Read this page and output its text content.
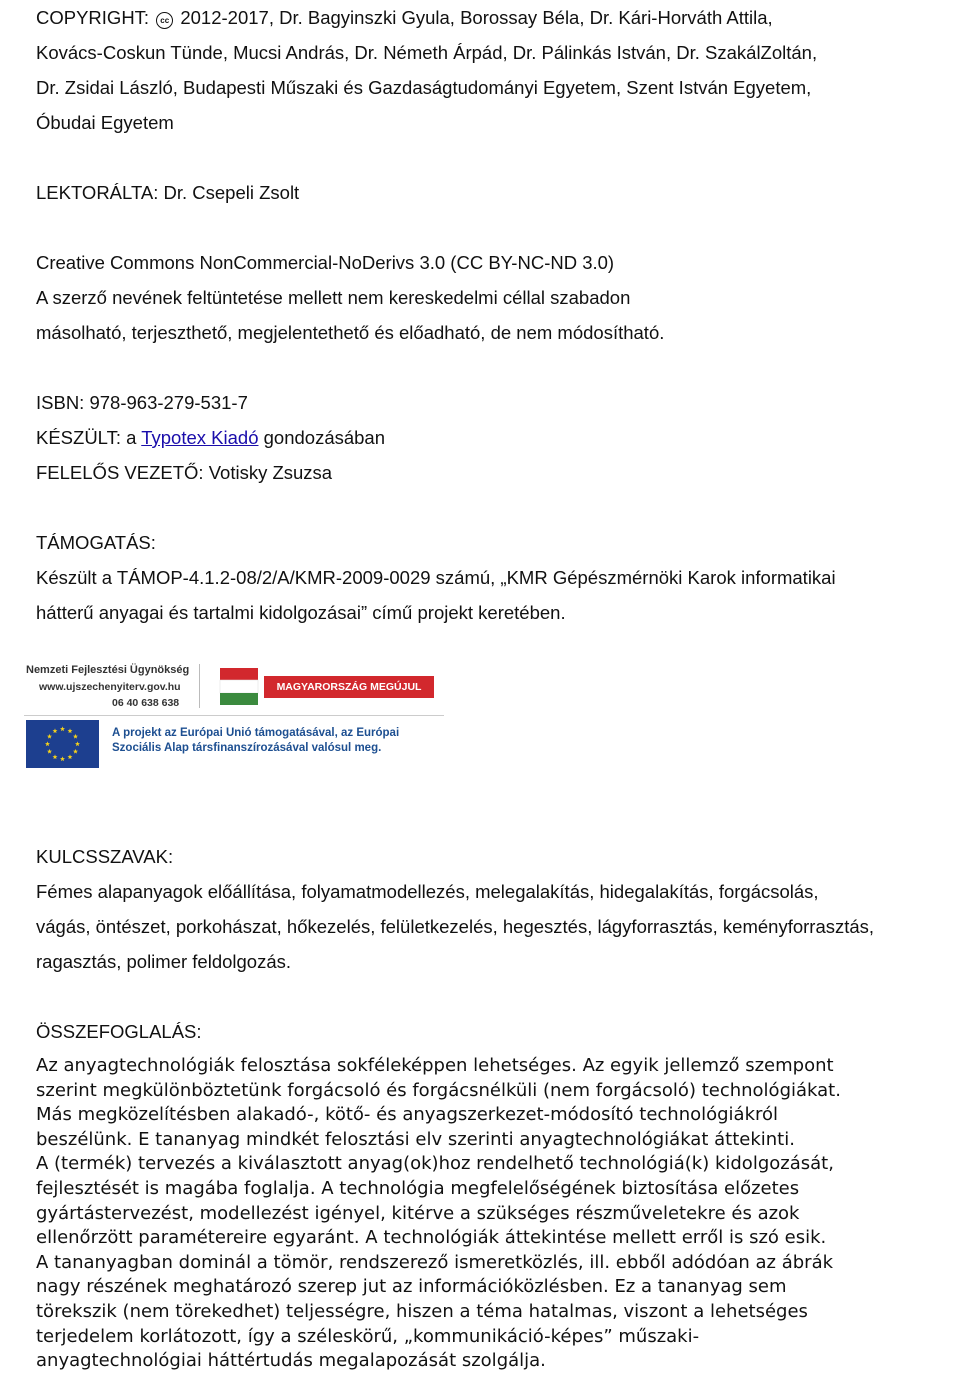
COPYRIGHT: cc 2012-2017, Dr. Bagyinszki Gyula, Borossay Béla, Dr. Kári-Horváth Attila,
Kovács-Coskun Tünde, Mucsi András, Dr. Németh Árpád, Dr. Pálinkás István, Dr. SzakálZoltán,
Dr. Zsidai László, Budapesti Műszaki és Gazdaságtudományi Egyetem, Szent István Egyetem,
Óbudai Egyetem
LEKTORÁLTA: Dr. Csepeli Zsolt
Creative Commons NonCommercial-NoDerivs 3.0 (CC BY-NC-ND 3.0)
A szerző nevének feltüntetése mellett nem kereskedelmi céllal szabadon
másolható, terjeszthető, megjelentethető és előadható, de nem módosítható.
ISBN: 978-963-279-531-7
KÉSZÜLT: a Typotex Kiadó gondozásában
FELELŐS VEZETŐ: Votisky Zsuzsa
TÁMOGATÁS:
Készült a TÁMOP-4.1.2-08/2/A/KMR-2009-0029 számú, „KMR Gépészmérnöki Karok informatikai
hátterű anyagai és tartalmi kidolgozásai” című projekt keretében.
Nemzeti Fejlesztési Ügynökség
www.ujszechenyiterv.gov.hu
06 40 638 638
MAGYARORSZÁG MEGÚJUL
A projekt az Európai Unió támogatásával, az Európai
Szociális Alap társfinanszírozásával valósul meg.
KULCSSZAVAK:
Fémes alapanyagok előállítása, folyamatmodellezés, melegalakítás, hidegalakítás, forgácsolás,
vágás, öntészet, porkohászat, hőkezelés, felületkezelés, hegesztés, lágyforrasztás, keményforrasztás,
ragasztás, polimer feldolgozás.
ÖSSZEFOGLALÁS:
Az anyagtechnológiák felosztása sokféleképpen lehetséges. Az egyik jellemző szempont
szerint megkülönböztetünk forgácsoló és forgácsnélküli (nem forgácsoló) technológiákat.
Más megközelítésben alakadó-, kötő- és anyagszerkezet-módosító technológiákról
beszélünk. E tananyag mindkét felosztási elv szerinti anyagtechnológiákat áttekinti.
A (termék) tervezés a kiválasztott anyag(ok)hoz rendelhető technológiá(k) kidolgozását,
fejlesztését is magába foglalja. A technológia megfelelőségének biztosítása előzetes
gyártástervezést, modellezést igényel, kitérve a szükséges részműveletekre és azok
ellenőrzött paramétereire egyaránt. A technológiák áttekintése mellett erről is szó esik.
A tananyagban dominál a tömör, rendszerező ismeretközlés, ill. ebből adódóan az ábrák
nagy részének meghatározó szerep jut az információközlésben. Ez a tananyag sem
törekszik (nem törekedhet) teljességre, hiszen a téma hatalmas, viszont a lehetséges
terjedelem korlátozott, így a széleskörű, „kommunikáció-képes” műszaki-
anyagtechnológiai háttértudás megalapozását szolgálja.
